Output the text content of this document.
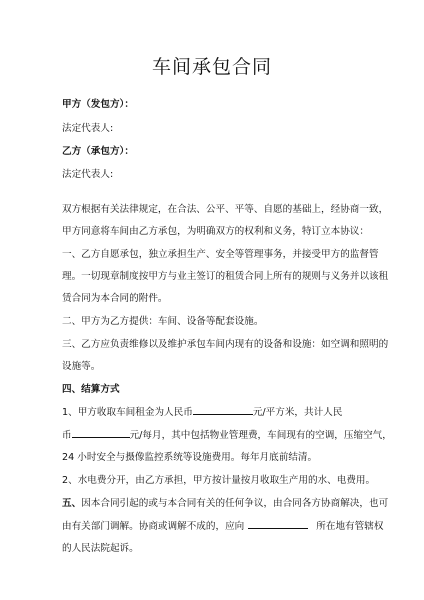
车间承包合同
甲方（发包方）：
法定代表人:
乙方（承包方）：
法定代表人:
双方根据有关法律规定，在合法、公平、平等、自愿的基础上，经协商一致，
甲方同意将车间由乙方承包，为明确双方的权利和义务，特订立本协议：
一、乙方自愿承包，独立承担生产、安全等管理事务，并接受甲方的监督管
理。一切现章制度按甲方与业主签订的租赁合同上所有的规则与义务并以该租
赁合同为本合同的附件。
二、甲方为乙方提供：车间、设备等配套设施。
三、乙方应负责维修以及维护承包车间内现有的设备和设施：如空调和照明的
设施等。
四、结算方式
1、甲方收取车间租金为人民币	元/平方米，共计人民
币	元/每月，其中包括物业管理费，车间现有的空调，压缩空气，
24 小时安全与摄像监控系统等设施费用。每年月底前结清。
2、水电费分开，由乙方承担，甲方按计量按月收取生产用的水、电费用。
五、因本合同引起的或与本合同有关的任何争议，由合同各方协商解决，也可
由有关部门调解。协商或调解不成的，应向	所在地有管辖权
的人民法院起诉。
